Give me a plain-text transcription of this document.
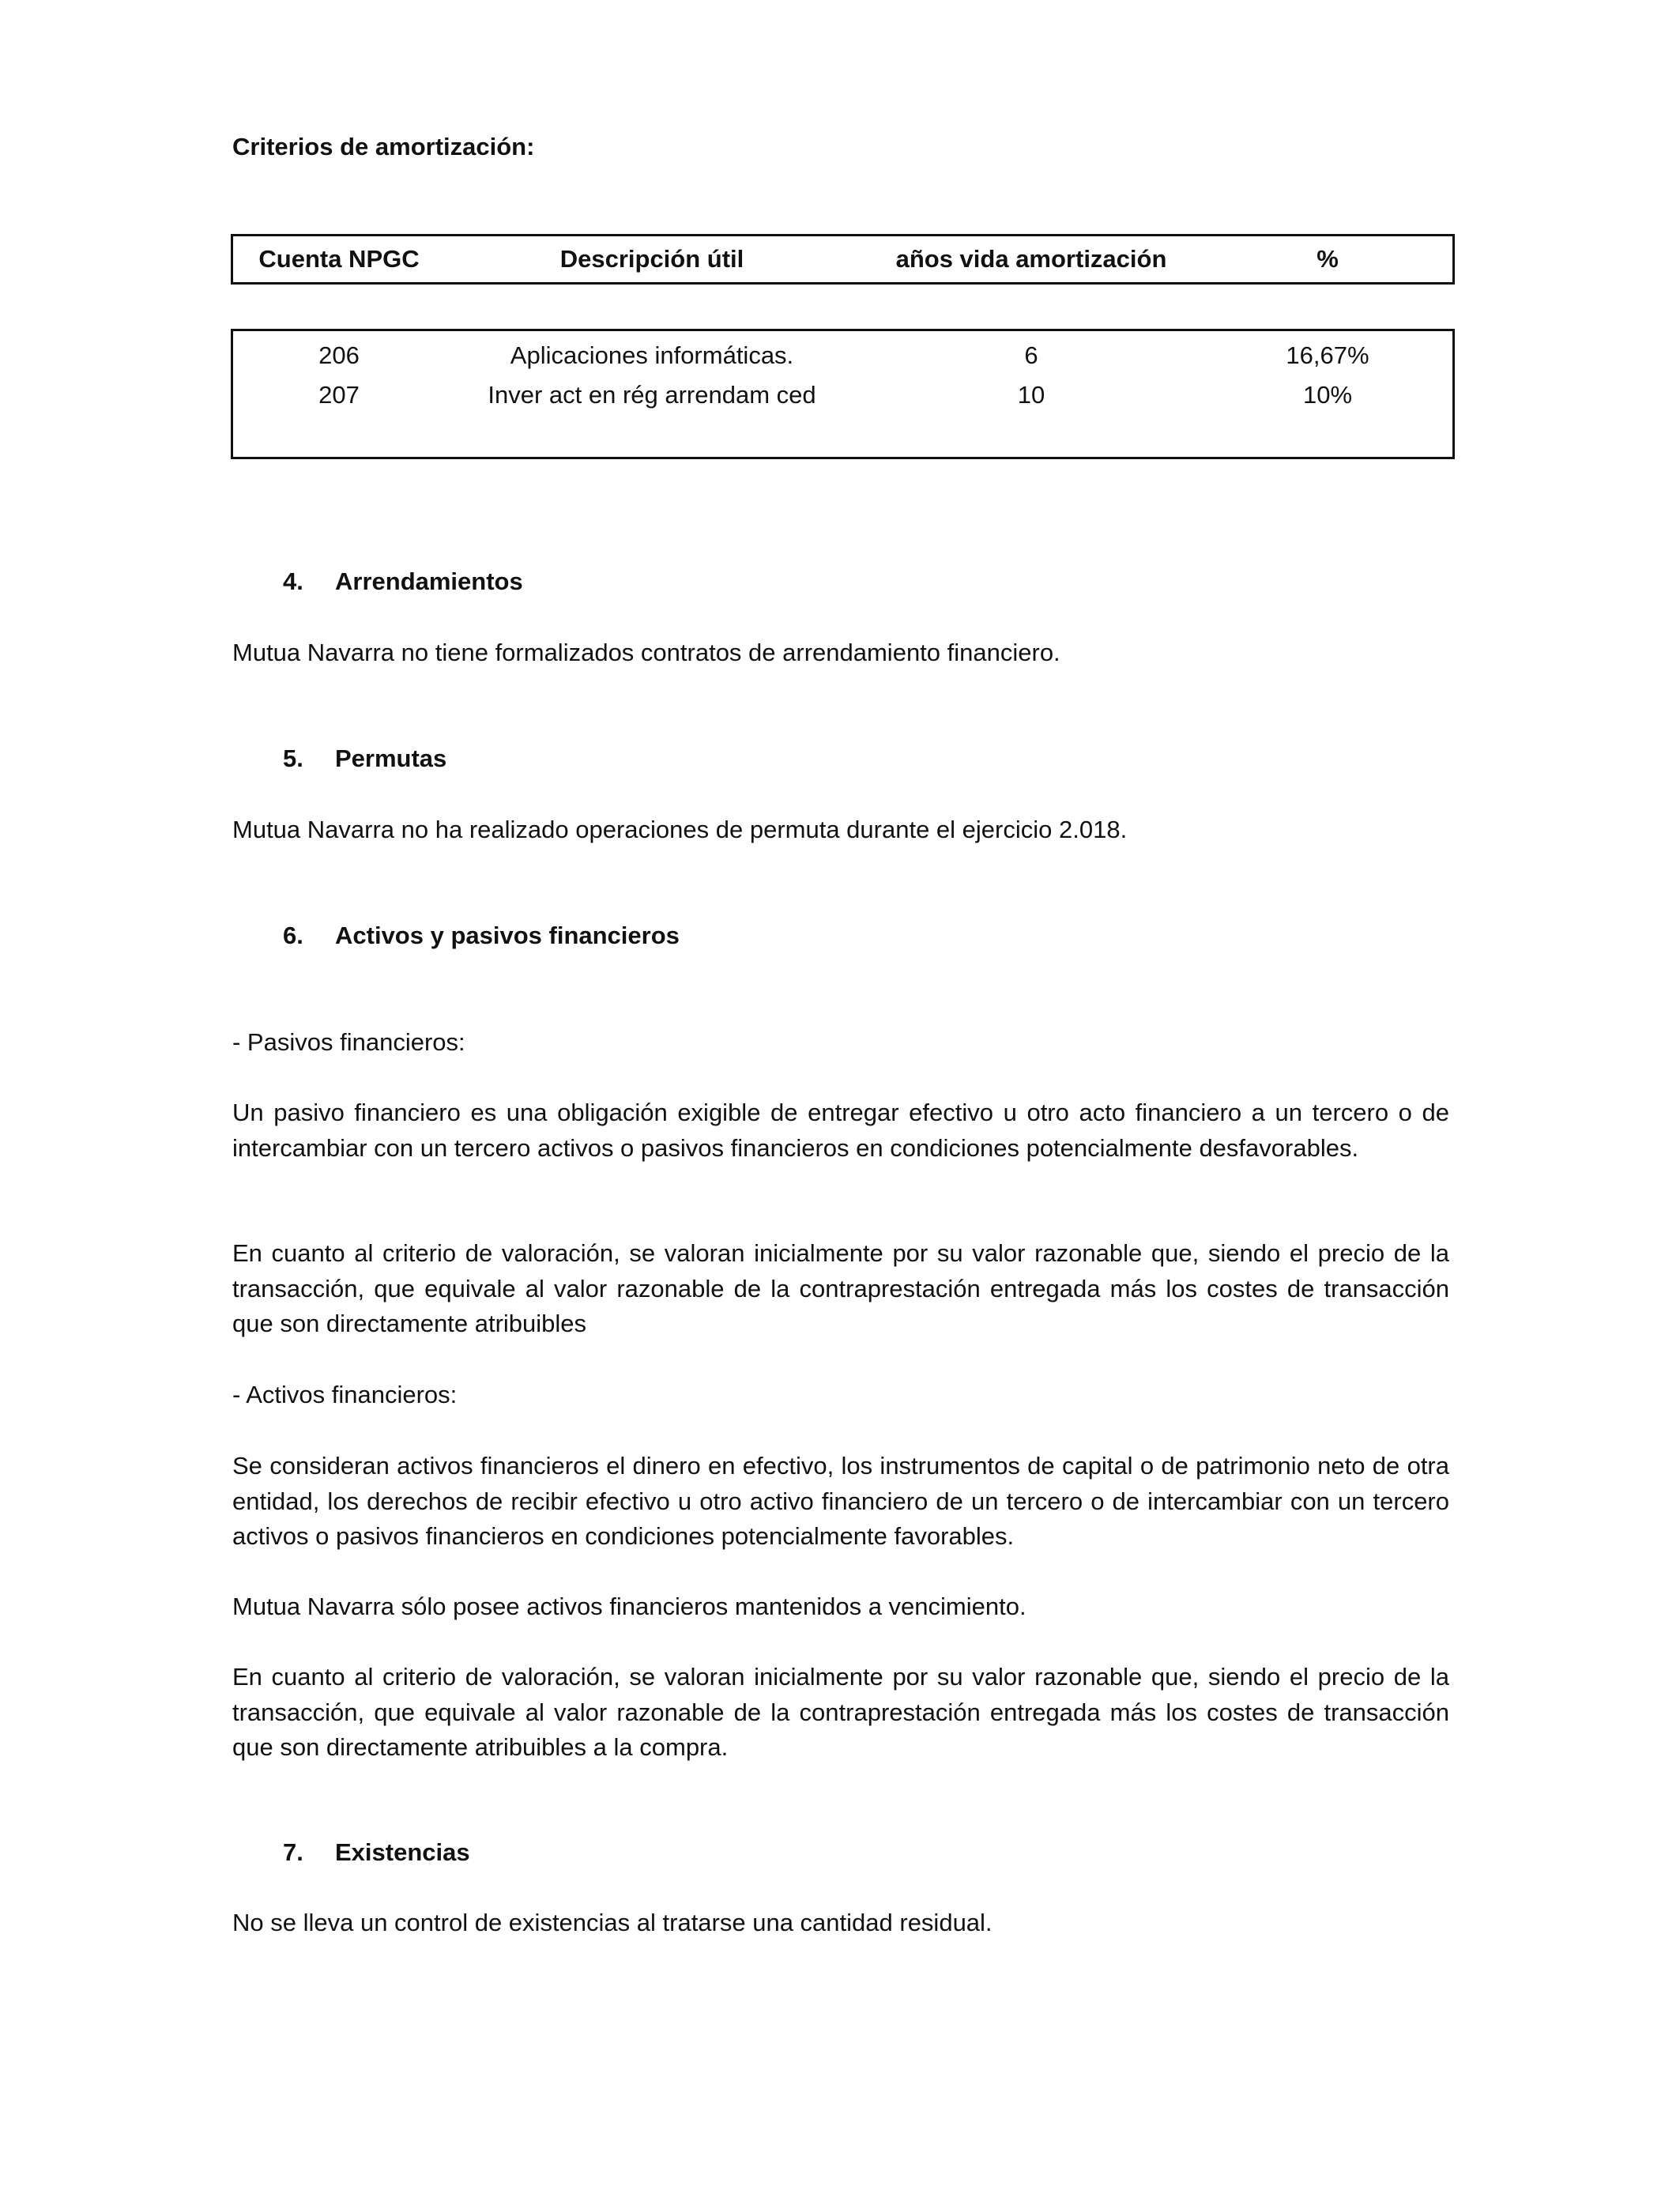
Criterios de amortización:
Cuenta NPGC	Descripción útil	años vida amortización	%
206	Aplicaciones informáticas.	6	16,67%
207	Inver act en rég arrendam ced	10	10%
4. Arrendamientos
Mutua Navarra no tiene formalizados contratos de arrendamiento financiero.
5. Permutas
Mutua Navarra no ha realizado operaciones de permuta durante el ejercicio 2.018.
6. Activos y pasivos financieros
- Pasivos financieros:
Un pasivo financiero es una obligación exigible de entregar efectivo u otro acto financiero a un tercero o de intercambiar con un tercero activos o pasivos financieros en condiciones potencialmente desfavorables.
En cuanto al criterio de valoración, se valoran inicialmente por su valor razonable que, siendo el precio de la transacción, que equivale al valor razonable de la contraprestación entregada más los costes de transacción que son directamente atribuibles
- Activos financieros:
Se consideran activos financieros el dinero en efectivo, los instrumentos de capital o de patrimonio neto de otra entidad, los derechos de recibir efectivo u otro activo financiero de un tercero o de intercambiar con un tercero activos o pasivos financieros en condiciones potencialmente favorables.
Mutua Navarra sólo posee activos financieros mantenidos a vencimiento.
En cuanto al criterio de valoración, se valoran inicialmente por su valor razonable que, siendo el precio de la transacción, que equivale al valor razonable de la contraprestación entregada más los costes de transacción que son directamente atribuibles a la compra.
7. Existencias
No se lleva un control de existencias al tratarse una cantidad residual.
